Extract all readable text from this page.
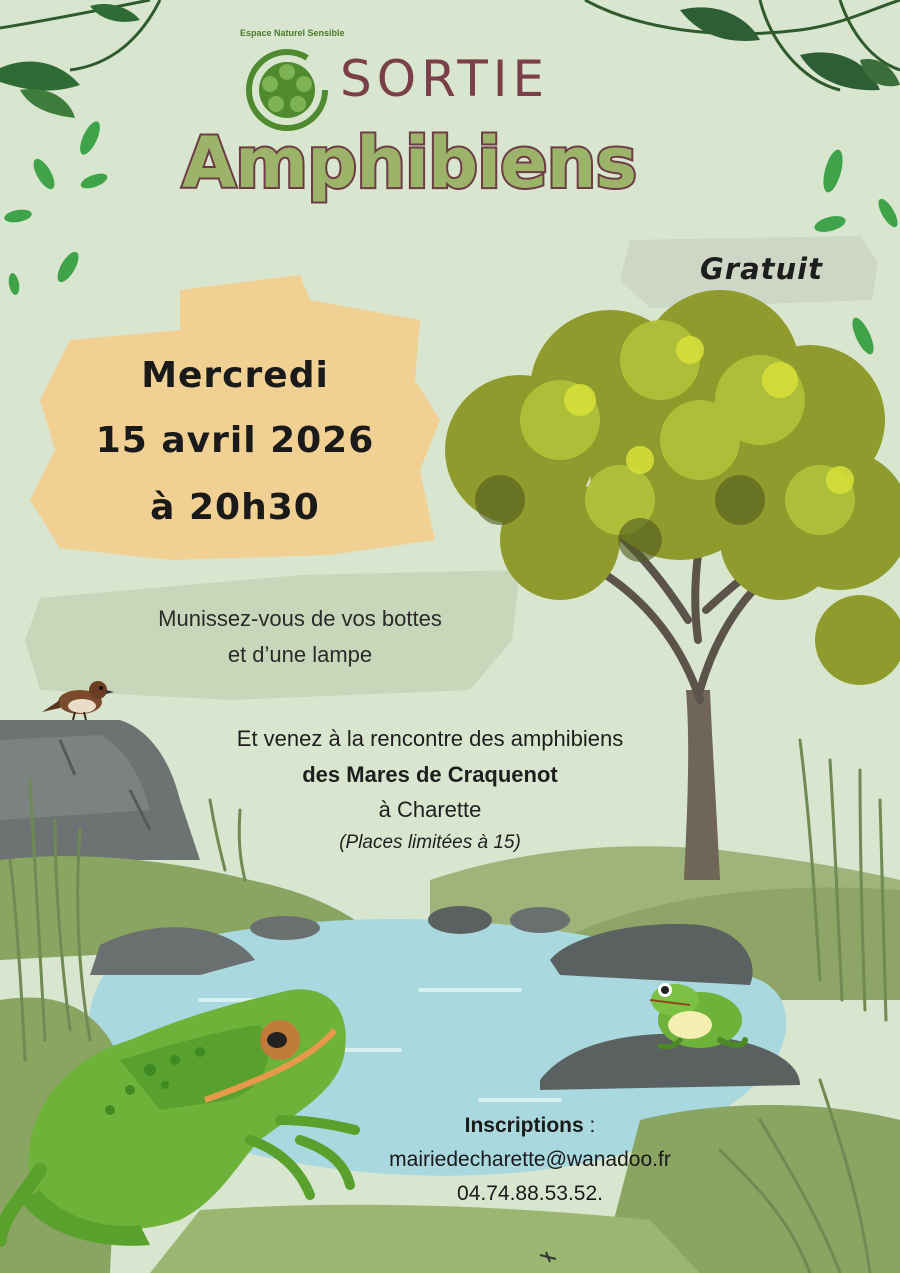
Espace Naturel Sensible
SORTIE
Amphibiens
Gratuit
Mercredi
15 avril 2026
à 20h30
Munissez-vous de vos bottes
et d’une lampe
Et venez à la rencontre des amphibiens
des Mares de Craquenot
à Charette
(Places limitées à 15)
Inscriptions :
mairiedecharette@wanadoo.fr
04.74.88.53.52.
